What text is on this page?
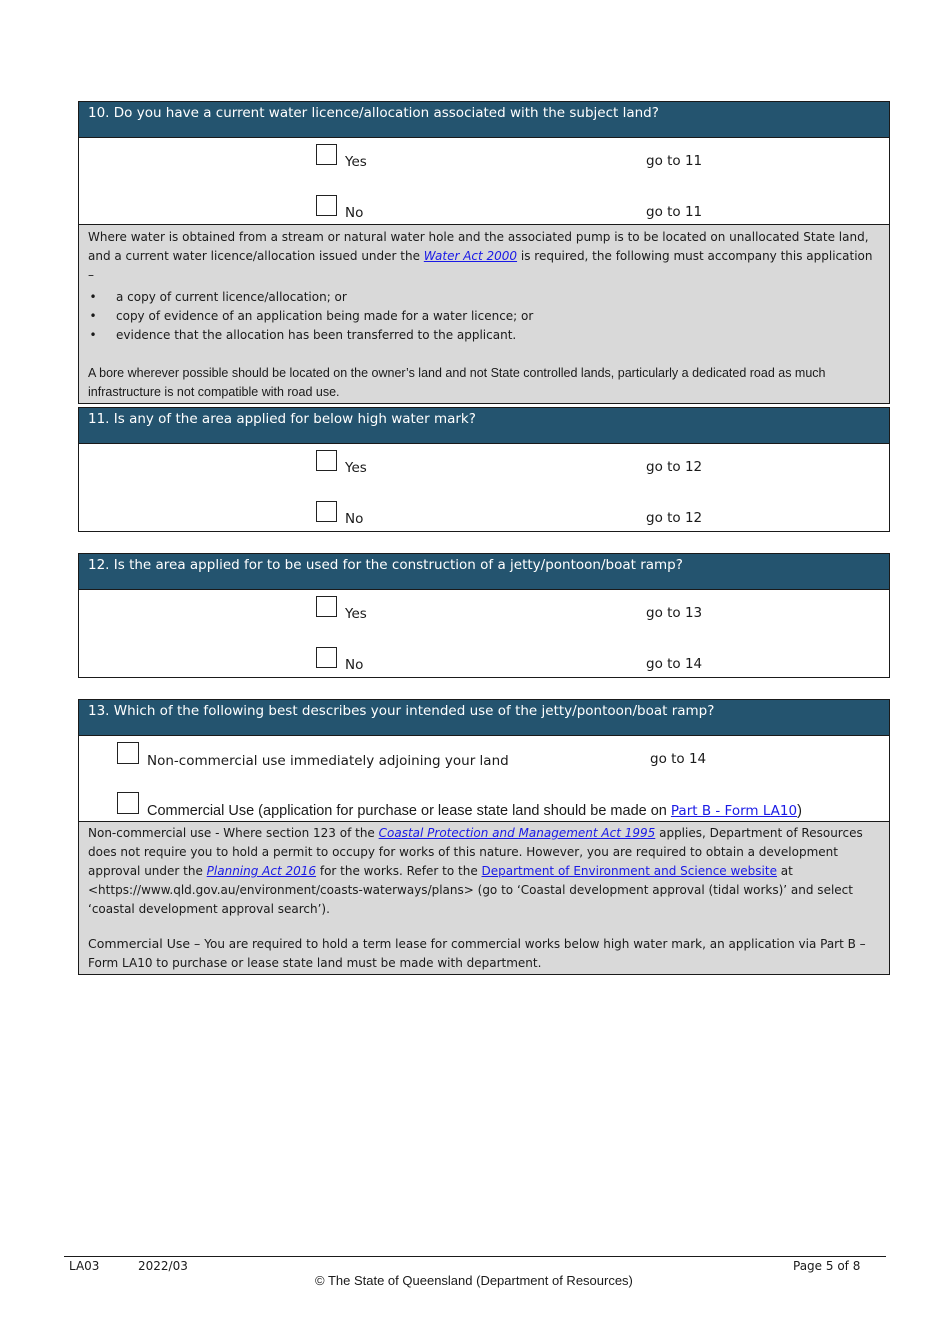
10. Do you have a current water licence/allocation associated with the subject land?
Yes	go to 11
No	go to 11

Where water is obtained from a stream or natural water hole and the associated pump is to be located on unallocated State land, and a current water licence/allocation issued under the Water Act 2000 is required, the following must accompany this application –

• a copy of current licence/allocation; or
• copy of evidence of an application being made for a water licence; or
• evidence that the allocation has been transferred to the applicant.

A bore wherever possible should be located on the owner’s land and not State controlled lands, particularly a dedicated road as much infrastructure is not compatible with road use.

11. Is any of the area applied for below high water mark?
Yes	go to 12
No	go to 12
12. Is the area applied for to be used for the construction of a jetty/pontoon/boat ramp?
Yes	go to 13
No	go to 14
13. Which of the following best describes your intended use of the jetty/pontoon/boat ramp?
Non-commercial use immediately adjoining your land	go to 14
Commercial Use (application for purchase or lease state land should be made on Part B - Form LA10)

Non-commercial use - Where section 123 of the Coastal Protection and Management Act 1995 applies, Department of Resources does not require you to hold a permit to occupy for works of this nature. However, you are required to obtain a development approval under the Planning Act 2016 for the works. Refer to the Department of Environment and Science website at <https://www.qld.gov.au/environment/coasts-waterways/plans> (go to ‘Coastal development approval (tidal works)’ and select ‘coastal development approval search’).

Commercial Use – You are required to hold a term lease for commercial works below high water mark, an application via Part B – Form LA10 to purchase or lease state land must be made with department.

LA03	2022/03	Page 5 of 8
© The State of Queensland (Department of Resources)
